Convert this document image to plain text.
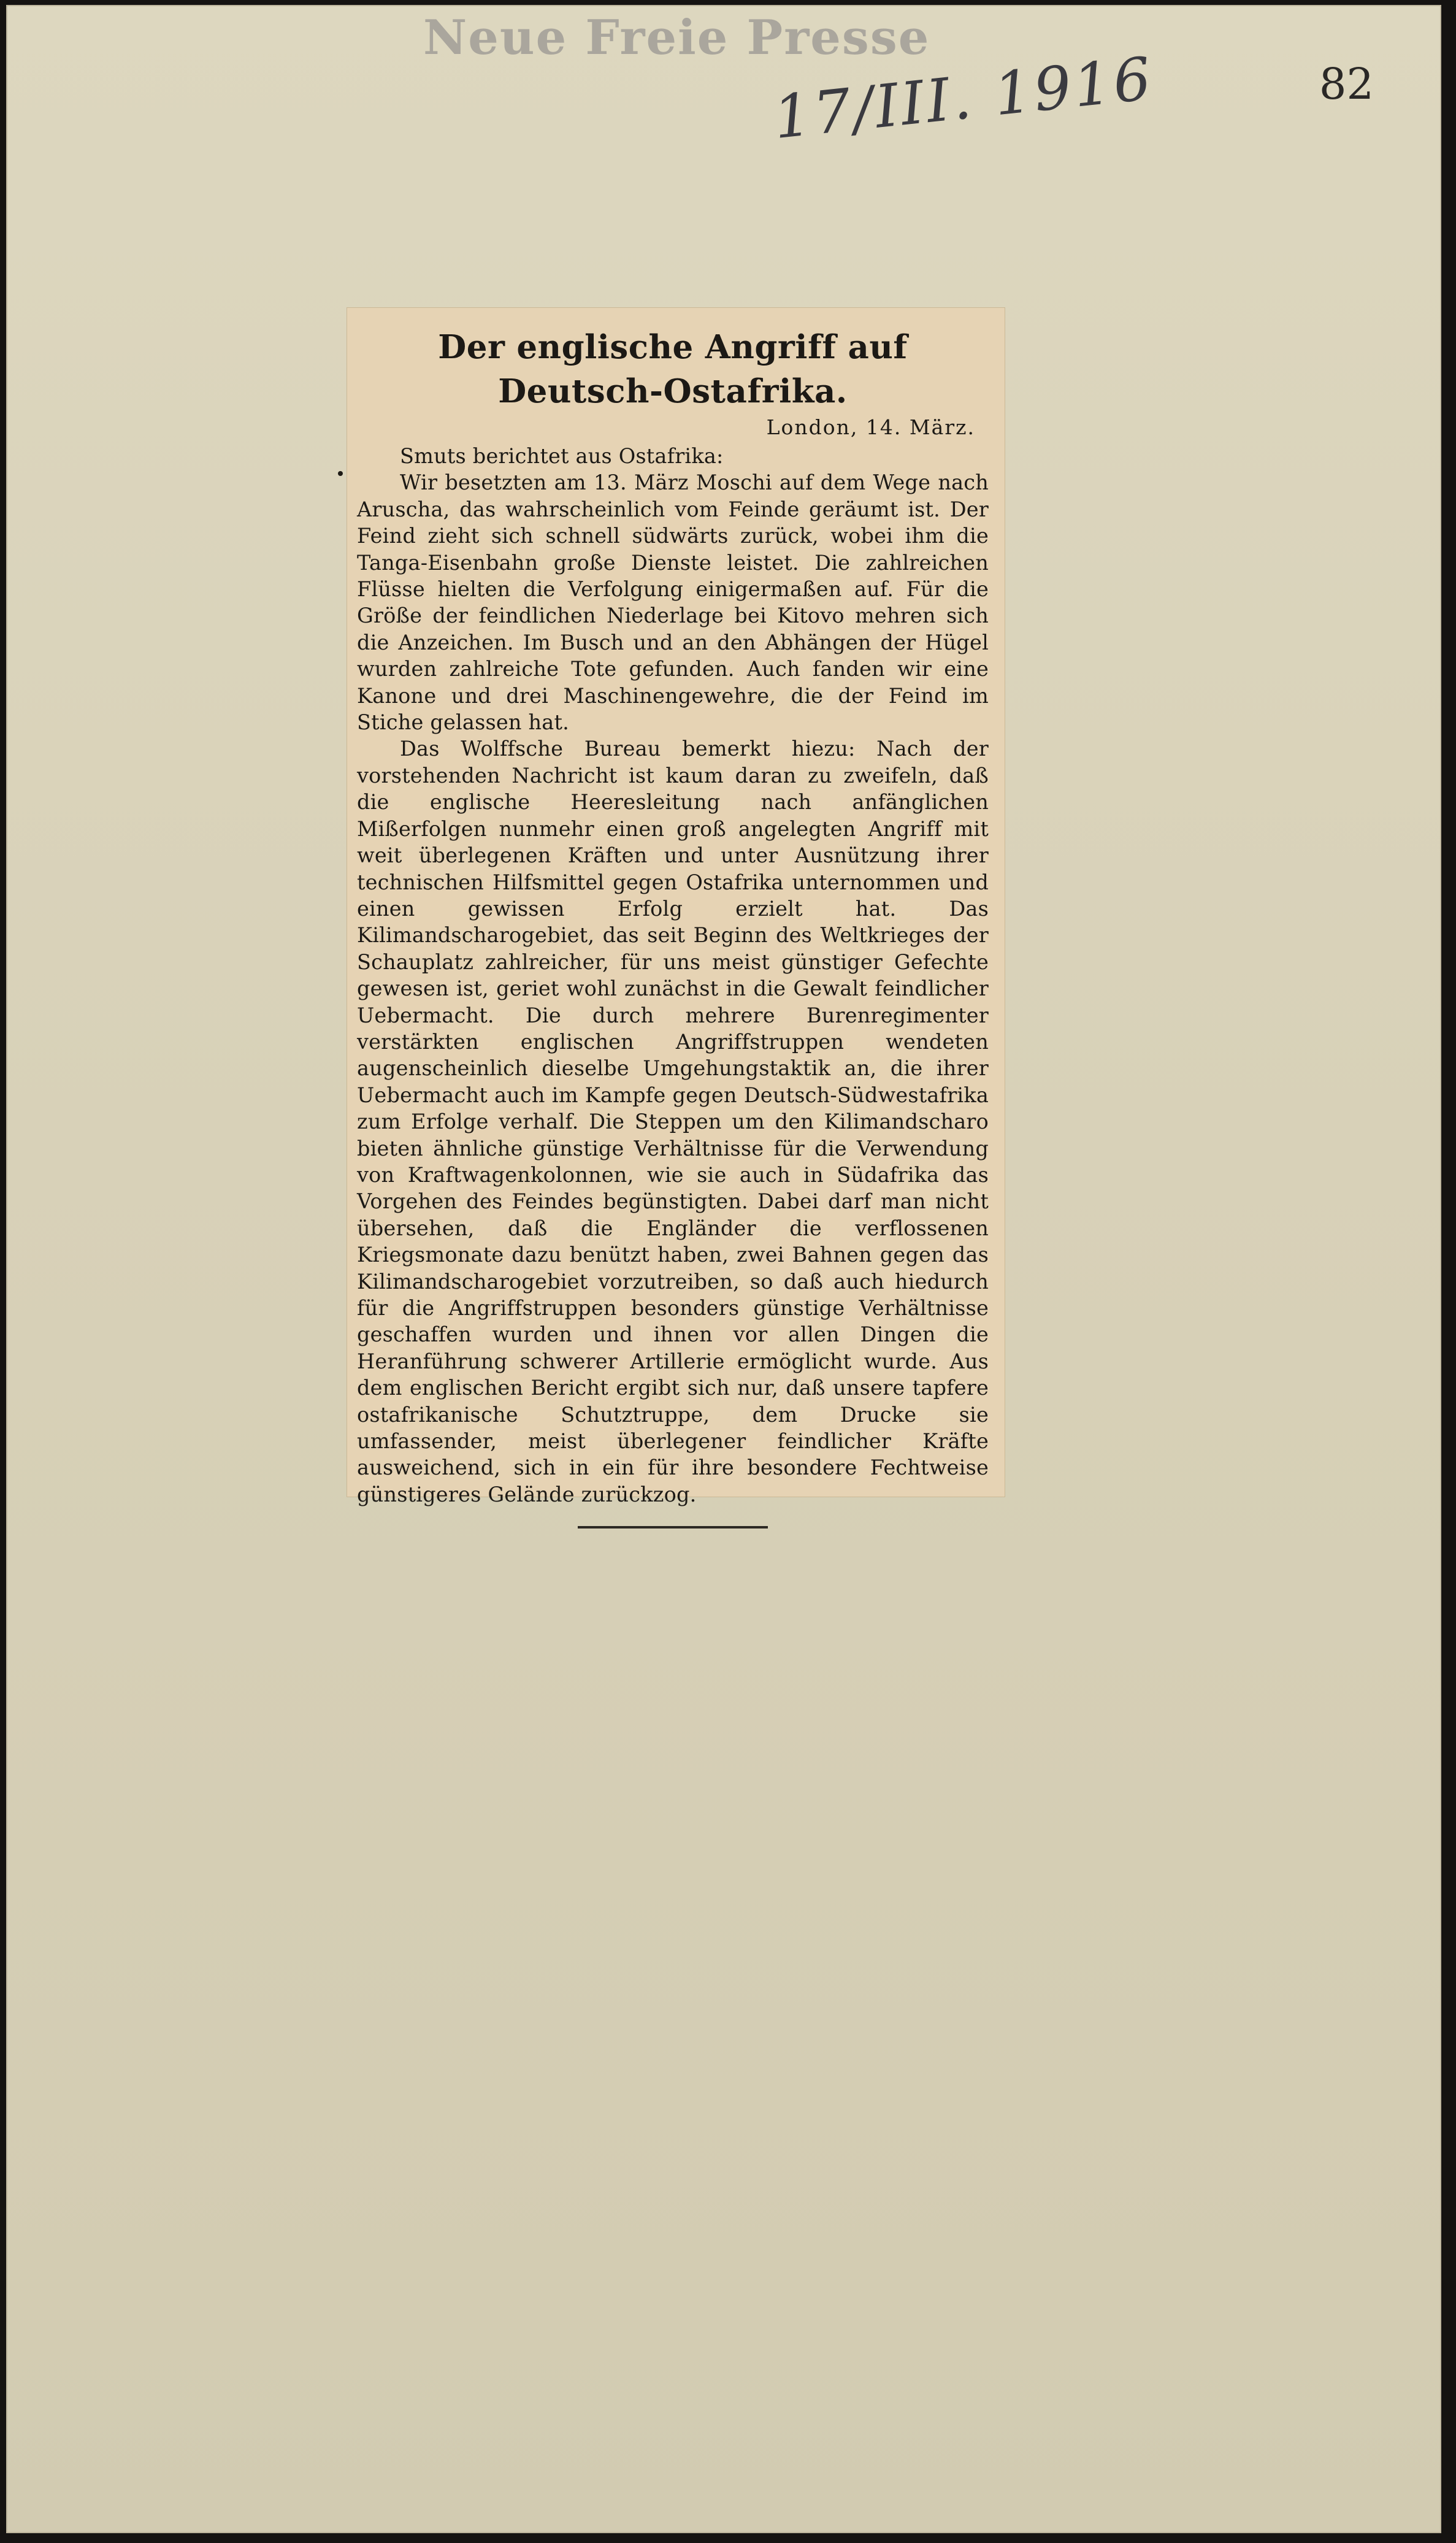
Neue Freie Presse
17/III. 1916	82
Der englische Angriff auf Deutsch-Ostafrika.
London, 14. März.

Smuts berichtet aus Ostafrika:

Wir besetzten am 13. März Moschi auf dem Wege nach Aruscha, das wahrscheinlich vom Feinde geräumt ist. Der Feind zieht sich schnell südwärts zurück, wobei ihm die Tanga-Eisenbahn große Dienste leistet. Die zahlreichen Flüsse hielten die Verfolgung einigermaßen auf. Für die Größe der feindlichen Niederlage bei Kitovo mehren sich die Anzeichen. Im Busch und an den Abhängen der Hügel wurden zahlreiche Tote gefunden. Auch fanden wir eine Kanone und drei Maschinengewehre, die der Feind im Stiche gelassen hat.

Das Wolffsche Bureau bemerkt hiezu: Nach der vorstehenden Nachricht ist kaum daran zu zweifeln, daß die englische Heeresleitung nach anfänglichen Mißerfolgen nunmehr einen groß angelegten Angriff mit weit überlegenen Kräften und unter Ausnützung ihrer technischen Hilfsmittel gegen Ostafrika unternommen und einen gewissen Erfolg erzielt hat. Das Kilimandscharogebiet, das seit Beginn des Weltkrieges der Schauplatz zahlreicher, für uns meist günstiger Gefechte gewesen ist, geriet wohl zunächst in die Gewalt feindlicher Uebermacht. Die durch mehrere Burenregimenter verstärkten englischen Angriffstruppen wendeten augenscheinlich dieselbe Umgehungstaktik an, die ihrer Uebermacht auch im Kampfe gegen Deutsch-Südwestafrika zum Erfolge verhalf. Die Steppen um den Kilimandscharo bieten ähnliche günstige Verhältnisse für die Verwendung von Kraftwagenkolonnen, wie sie auch in Südafrika das Vorgehen des Feindes begünstigten. Dabei darf man nicht übersehen, daß die Engländer die verflossenen Kriegsmonate dazu benützt haben, zwei Bahnen gegen das Kilimandscharogebiet vorzutreiben, so daß auch hiedurch für die Angriffstruppen besonders günstige Verhältnisse geschaffen wurden und ihnen vor allen Dingen die Heranführung schwerer Artillerie ermöglicht wurde. Aus dem englischen Bericht ergibt sich nur, daß unsere tapfere ostafrikanische Schutztruppe, dem Drucke sie umfassender, meist überlegener feindlicher Kräfte ausweichend, sich in ein für ihre besondere Fechtweise günstigeres Gelände zurückzog.
